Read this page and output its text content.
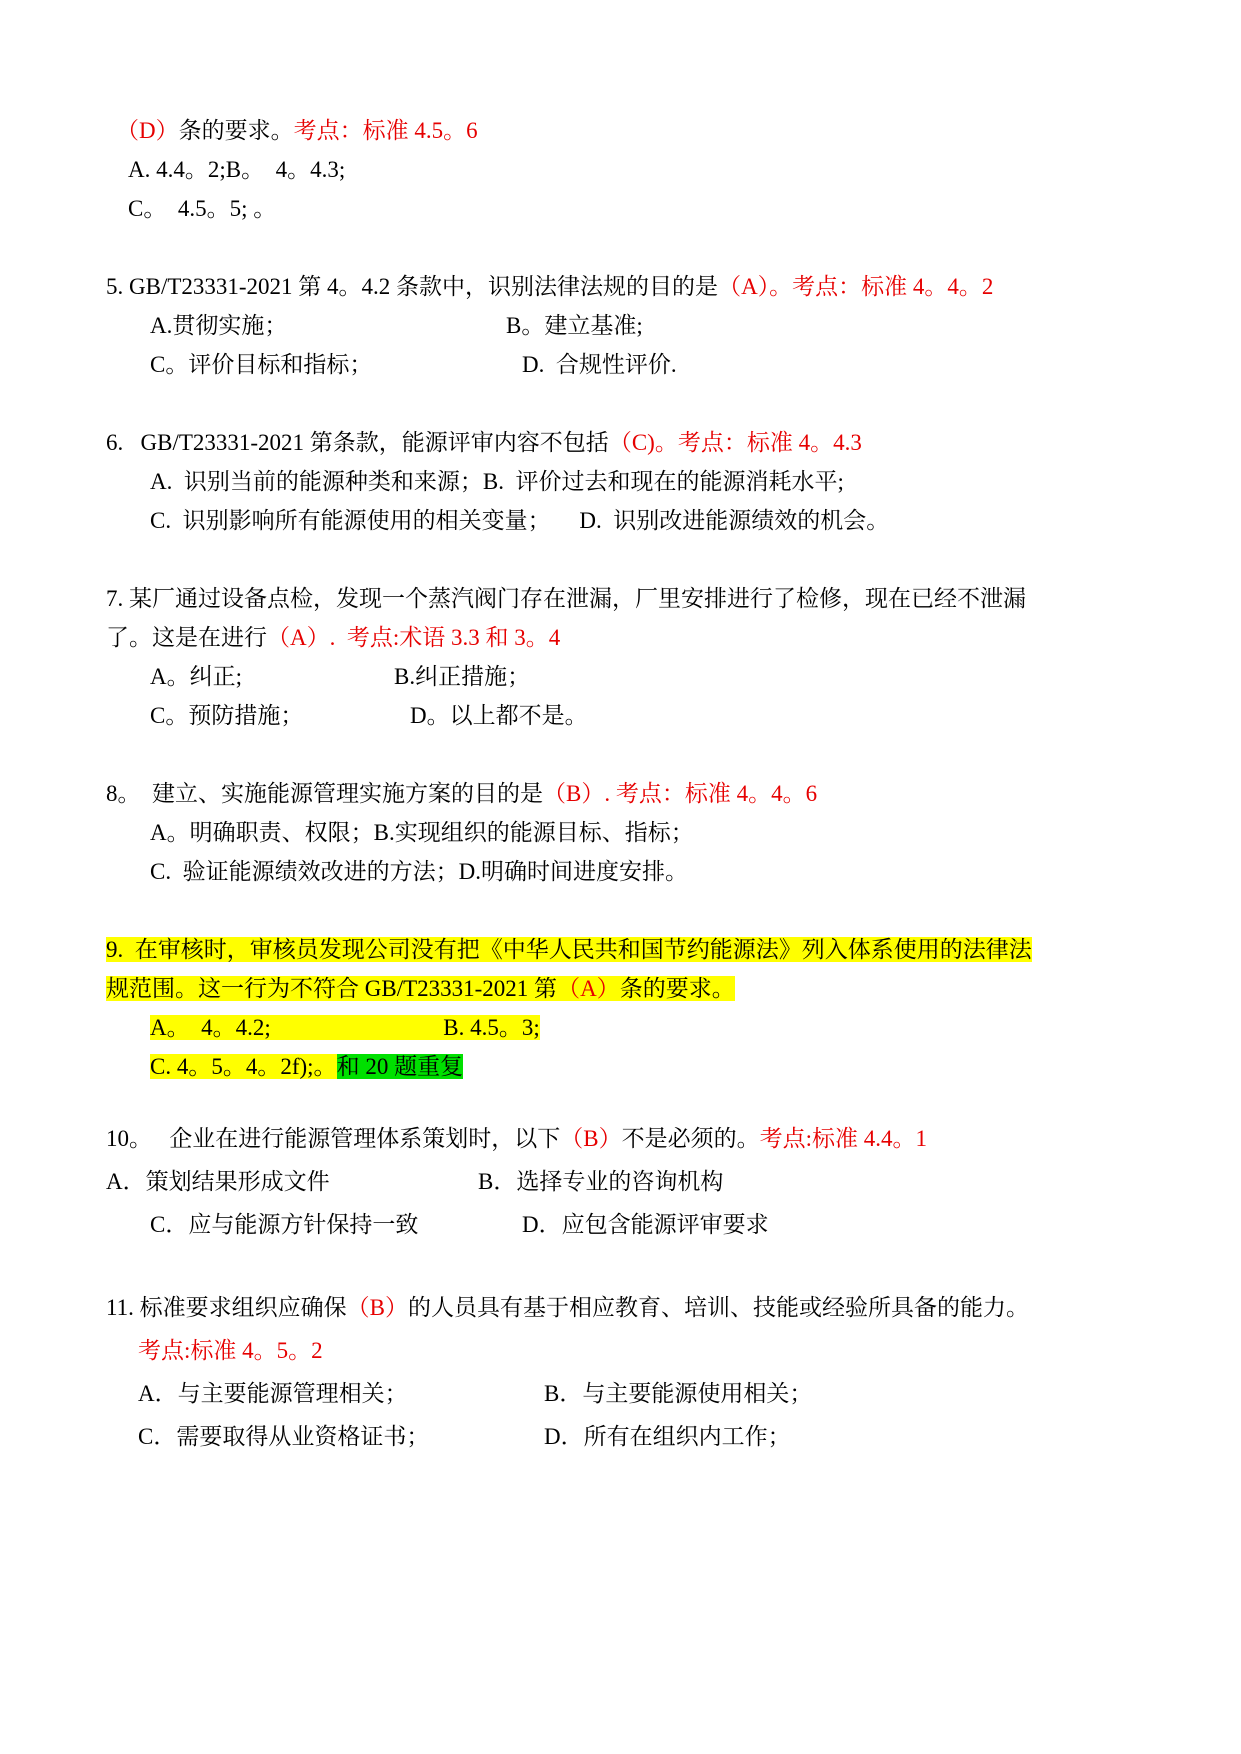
（D）条的要求。考点：标准 4.5。6
A. 4.4。2;B。  4。4.3;
C。  4.5。5; 。
5. GB/T23331-2021 第 4。4.2 条款中，识别法律法规的目的是（A）。考点：标准 4。4。2
A.贯彻实施；	B。建立基准;
C。评价目标和指标；	D.  合规性评价.
6.   GB/T23331-2021 第条款，能源评审内容不包括（C)。考点：标准 4。4.3
A.  识别当前的能源种类和来源；B.  评价过去和现在的能源消耗水平;
C.  识别影响所有能源使用的相关变量；     D.  识别改进能源绩效的机会。
7. 某厂通过设备点检，发现一个蒸汽阀门存在泄漏，厂里安排进行了检修，现在已经不泄漏
了。这是在进行（A）.  考点:术语 3.3 和 3。4
A。纠正;	B.纠正措施；
C。预防措施；	D。以上都不是。
8。  建立、实施能源管理实施方案的目的是（B）. 考点：标准 4。4。6
A。明确职责、权限；B.实现组织的能源目标、指标；
C.  验证能源绩效改进的方法；D.明确时间进度安排。
9.  在审核时，审核员发现公司没有把《中华人民共和国节约能源法》列入体系使用的法律法
规范围。这一行为不符合 GB/T23331-2021 第（A）条的要求。
A。  4。4.2;                              B. 4.5。3;
C. 4。5。4。2f);。和 20 题重复
10。   企业在进行能源管理体系策划时，以下（B）不是必须的。考点:标准 4.4。1
A．策划结果形成文件	B．选择专业的咨询机构
C．应与能源方针保持一致	D．应包含能源评审要求
11. 标准要求组织应确保（B）的人员具有基于相应教育、培训、技能或经验所具备的能力。
考点:标准 4。5。2
A．与主要能源管理相关；	B．与主要能源使用相关；
C．需要取得从业资格证书；	D．所有在组织内工作；
